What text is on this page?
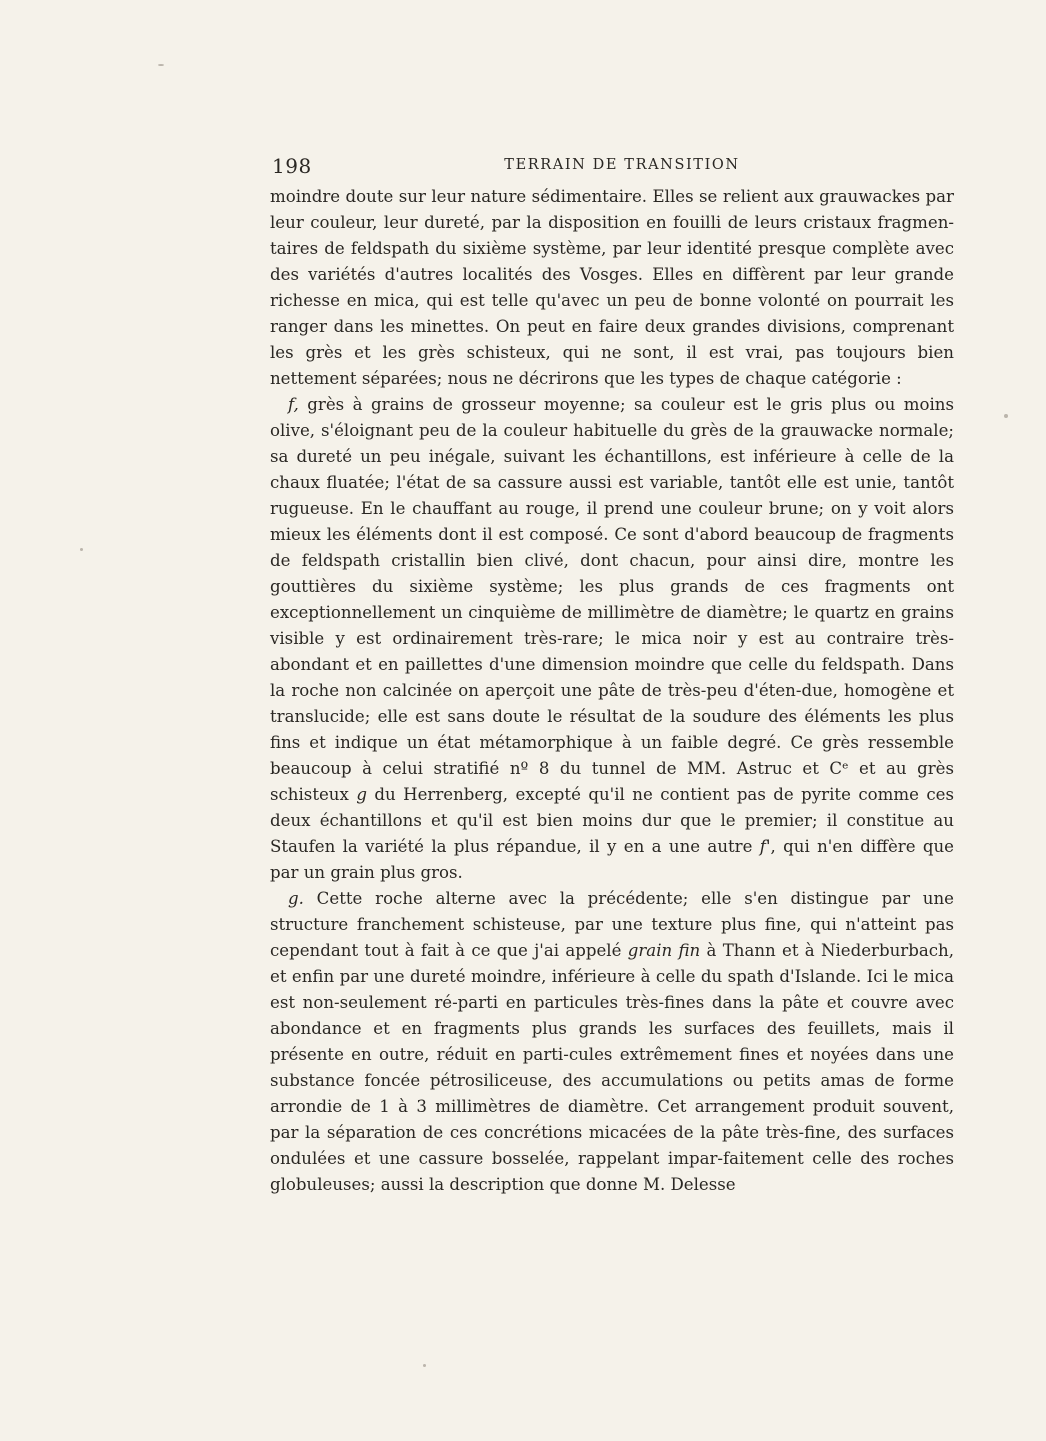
198	TERRAIN DE TRANSITION

moindre doute sur leur nature sédimentaire. Elles se relient aux grauwackes par leur couleur, leur dureté, par la disposition en fouilli de leurs cristaux fragmen-taires de feldspath du sixième système, par leur identité presque complète avec des variétés d'autres localités des Vosges. Elles en diffèrent par leur grande richesse en mica, qui est telle qu'avec un peu de bonne volonté on pourrait les ranger dans les minettes. On peut en faire deux grandes divisions, comprenant les grès et les grès schisteux, qui ne sont, il est vrai, pas toujours bien nettement séparées; nous ne décrirons que les types de chaque catégorie :

f, grès à grains de grosseur moyenne; sa couleur est le gris plus ou moins olive, s'éloignant peu de la couleur habituelle du grès de la grauwacke normale; sa dureté un peu inégale, suivant les échantillons, est inférieure à celle de la chaux fluatée; l'état de sa cassure aussi est variable, tantôt elle est unie, tantôt rugueuse. En le chauffant au rouge, il prend une couleur brune; on y voit alors mieux les éléments dont il est composé. Ce sont d'abord beaucoup de fragments de feldspath cristallin bien clivé, dont chacun, pour ainsi dire, montre les gouttières du sixième système; les plus grands de ces fragments ont exceptionnellement un cinquième de millimètre de diamètre; le quartz en grains visible y est ordinairement très-rare; le mica noir y est au contraire très-abondant et en paillettes d'une dimension moindre que celle du feldspath. Dans la roche non calcinée on aperçoit une pâte de très-peu d'éten-due, homogène et translucide; elle est sans doute le résultat de la soudure des éléments les plus fins et indique un état métamorphique à un faible degré. Ce grès ressemble beaucoup à celui stratifié nº 8 du tunnel de MM. Astruc et Cᵉ et au grès schisteux g du Herrenberg, excepté qu'il ne contient pas de pyrite comme ces deux échantillons et qu'il est bien moins dur que le premier; il constitue au Staufen la variété la plus répandue, il y en a une autre f', qui n'en diffère que par un grain plus gros.

g. Cette roche alterne avec la précédente; elle s'en distingue par une structure franchement schisteuse, par une texture plus fine, qui n'atteint pas cependant tout à fait à ce que j'ai appelé grain fin à Thann et à Niederburbach, et enfin par une dureté moindre, inférieure à celle du spath d'Islande. Ici le mica est non-seulement ré-parti en particules très-fines dans la pâte et couvre avec abondance et en fragments plus grands les surfaces des feuillets, mais il présente en outre, réduit en parti-cules extrêmement fines et noyées dans une substance foncée pétrosiliceuse, des accumulations ou petits amas de forme arrondie de 1 à 3 millimètres de diamètre. Cet arrangement produit souvent, par la séparation de ces concrétions micacées de la pâte très-fine, des surfaces ondulées et une cassure bosselée, rappelant impar-faitement celle des roches globuleuses; aussi la description que donne M. Delesse
